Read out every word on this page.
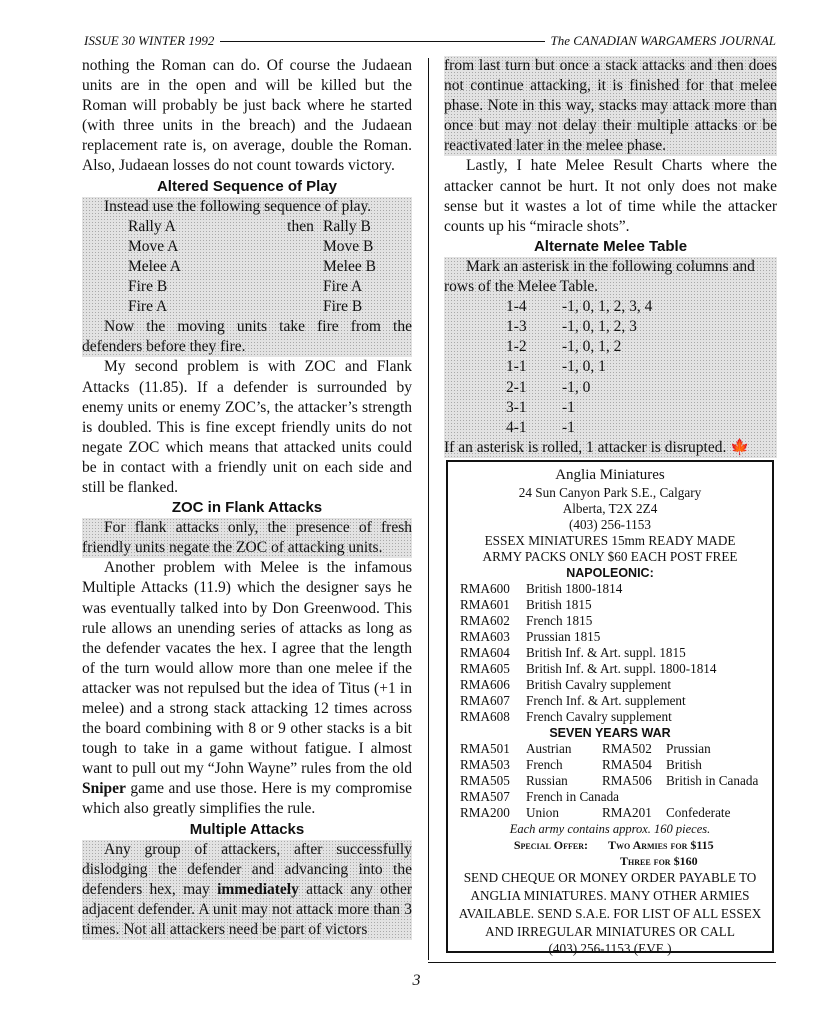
ISSUE 30 WINTER 1992	The CANADIAN WARGAMERS JOURNAL

nothing the Roman can do. Of course the Judaean units are in the open and will be killed but the Roman will probably be just back where he started (with three units in the breach) and the Judaean replacement rate is, on average, double the Roman. Also, Judaean losses do not count towards victory.

Altered Sequence of Play

Instead use the following sequence of play.

Rally A	then Rally B
Move A	Move B
Melee A	Melee B
Fire B	Fire A
Fire A	Fire B

Now the moving units take fire from the defenders before they fire.

My second problem is with ZOC and Flank Attacks (11.85). If a defender is surrounded by enemy units or enemy ZOC’s, the attacker’s strength is doubled. This is fine except friendly units do not negate ZOC which means that attacked units could be in contact with a friendly unit on each side and still be flanked.

ZOC in Flank Attacks

For flank attacks only, the presence of fresh friendly units negate the ZOC of attacking units.

Another problem with Melee is the infamous Multiple Attacks (11.9) which the designer says he was eventually talked into by Don Greenwood. This rule allows an unending series of attacks as long as the defender vacates the hex. I agree that the length of the turn would allow more than one melee if the attacker was not repulsed but the idea of Titus (+1 in melee) and a strong stack attacking 12 times across the board combining with 8 or 9 other stacks is a bit tough to take in a game without fatigue. I almost want to pull out my “John Wayne” rules from the old Sniper game and use those. Here is my compromise which also greatly simplifies the rule.

Multiple Attacks

Any group of attackers, after successfully dislodging the defender and advancing into the defenders hex, may immediately attack any other adjacent defender. A unit may not attack more than 3 times. Not all attackers need be part of victors

from last turn but once a stack attacks and then does not continue attacking, it is finished for that melee phase. Note in this way, stacks may attack more than once but may not delay their multiple attacks or be reactivated later in the melee phase.

Lastly, I hate Melee Result Charts where the attacker cannot be hurt. It not only does not make sense but it wastes a lot of time while the attacker counts up his “miracle shots”.

Alternate Melee Table

Mark an asterisk in the following columns and rows of the Melee Table.

1-4	-1, 0, 1, 2, 3, 4
1-3	-1, 0, 1, 2, 3
1-2	-1, 0, 1, 2
1-1	-1, 0, 1
2-1	-1, 0
3-1	-1
4-1	-1

If an asterisk is rolled, 1 attacker is disrupted. 🍁

Anglia Miniatures
24 Sun Canyon Park S.E., Calgary
Alberta, T2X 2Z4
(403) 256-1153
ESSEX MINIATURES 15mm READY MADE
ARMY PACKS ONLY $60 EACH POST FREE
NAPOLEONIC:
RMA600	British 1800-1814
RMA601	British 1815
RMA602	French 1815
RMA603	Prussian 1815
RMA604	British Inf. & Art. suppl. 1815
RMA605	British Inf. & Art. suppl. 1800-1814
RMA606	British Cavalry supplement
RMA607	French Inf. & Art. supplement
RMA608	French Cavalry supplement
SEVEN YEARS WAR
RMA501	Austrian	RMA502	Prussian
RMA503	French	RMA504	British
RMA505	Russian	RMA506	British in Canada
RMA507	French in Canada
RMA200	Union	RMA201	Confederate
Each army contains approx. 160 pieces.
Special Offer:	Two Armies for $115
Three for $160
SEND CHEQUE OR MONEY ORDER PAYABLE TO
ANGLIA MINIATURES. MANY OTHER ARMIES
AVAILABLE. SEND S.A.E. FOR LIST OF ALL ESSEX
AND IRREGULAR MINIATURES OR CALL
(403) 256-1153 (EVE.)
3
